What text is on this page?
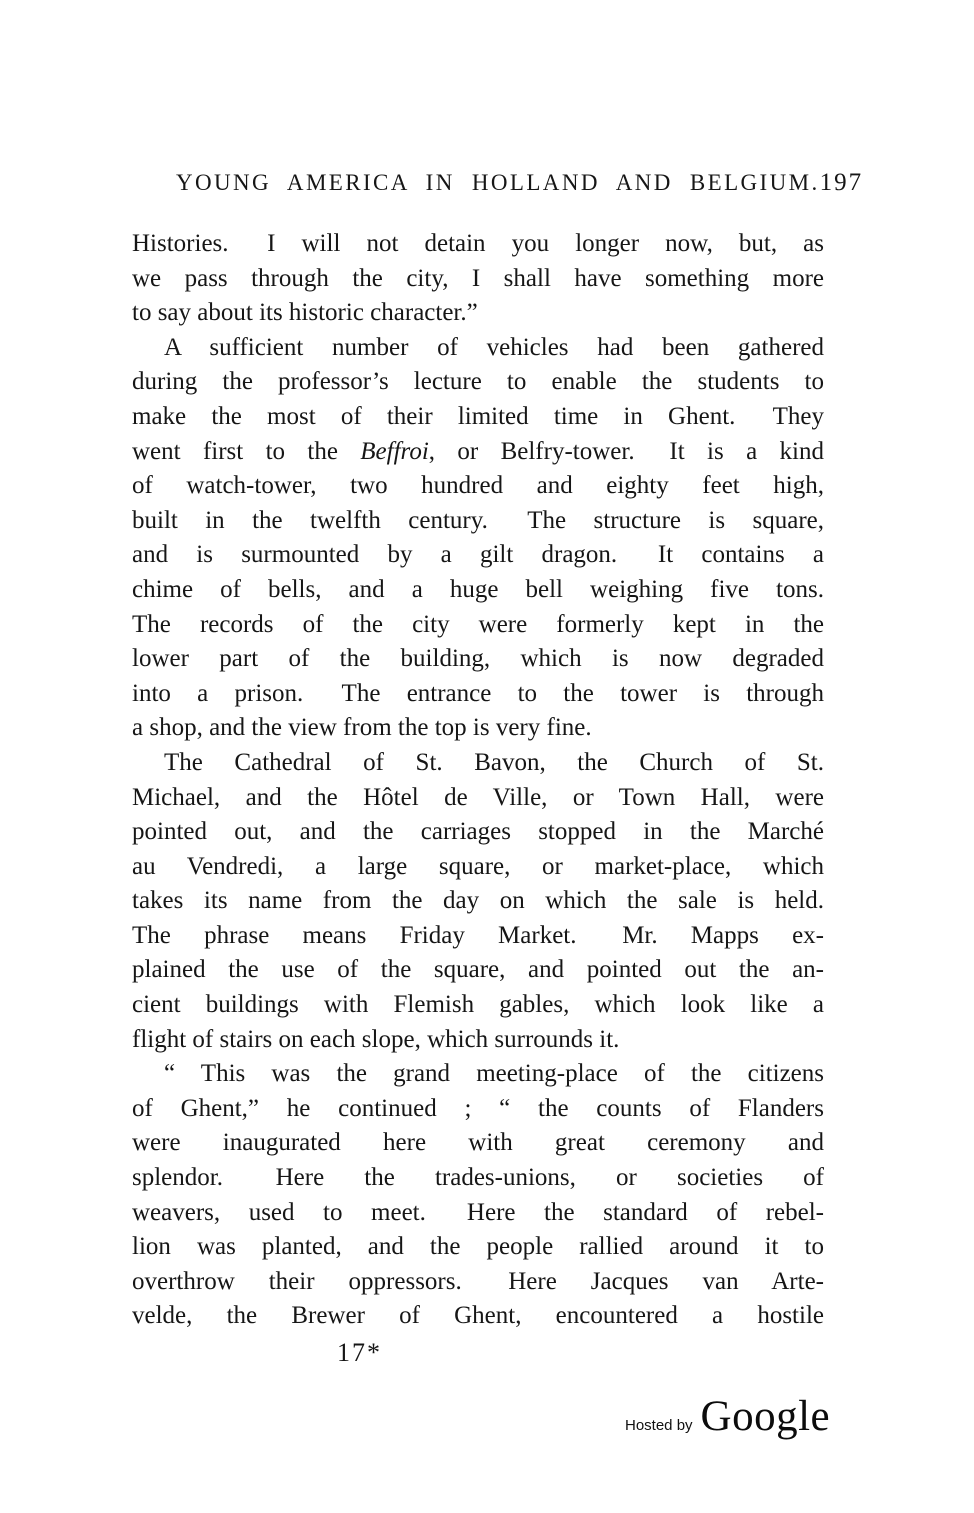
YOUNG AMERICA IN HOLLAND AND BELGIUM. 197
Histories.  I will not detain you longer now, but, as
we pass through the city, I shall have something more
to say about its historic character.”
A sufficient number of vehicles had been gathered
during the professor’s lecture to enable the students to
make the most of their limited time in Ghent.  They
went first to the Beffroi, or Belfry-tower.  It is a kind
of watch-tower, two hundred and eighty feet high,
built in the twelfth century.  The structure is square,
and is surmounted by a gilt dragon.  It contains a
chime of bells, and a huge bell weighing five tons.
The records of the city were formerly kept in the
lower part of the building, which is now degraded
into a prison.  The entrance to the tower is through
a shop, and the view from the top is very fine.
The Cathedral of St. Bavon, the Church of St.
Michael, and the Hôtel de Ville, or Town Hall, were
pointed out, and the carriages stopped in the Marché
au Vendredi, a large square, or market-place, which
takes its name from the day on which the sale is held.
The phrase means Friday Market.  Mr. Mapps ex-
plained the use of the square, and pointed out the an-
cient buildings with Flemish gables, which look like a
flight of stairs on each slope, which surrounds it.
“ This was the grand meeting-place of the citizens
of Ghent,” he continued ; “ the counts of Flanders
were inaugurated here with great ceremony and
splendor.  Here the trades-unions, or societies of
weavers, used to meet.  Here the standard of rebel-
lion was planted, and the people rallied around it to
overthrow their oppressors.  Here Jacques van Arte-
velde, the Brewer of Ghent, encountered a hostile
17*
Hosted by Google
